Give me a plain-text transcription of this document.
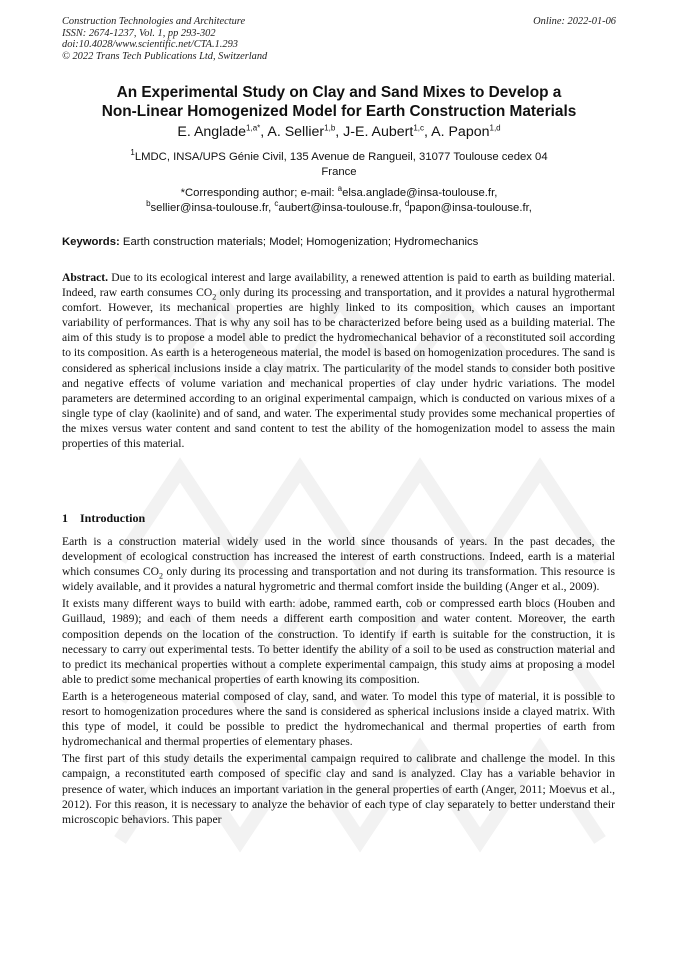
Construction Technologies and Architecture
ISSN: 2674-1237, Vol. 1, pp 293-302
doi:10.4028/www.scientific.net/CTA.1.293
© 2022 Trans Tech Publications Ltd, Switzerland
Online: 2022-01-06
An Experimental Study on Clay and Sand Mixes to Develop a
Non-Linear Homogenized Model for Earth Construction Materials
E. Anglade$^{1,a*}$, A. Sellier$^{1,b}$, J-E. Aubert$^{1,c}$, A. Papon$^{1,d}$
$^1$LMDC, INSA/UPS Génie Civil, 135 Avenue de Rangueil, 31077 Toulouse cedex 04
France
*Corresponding author; e-mail: $^a$elsa.anglade@insa-toulouse.fr,
$^b$sellier@insa-toulouse.fr, $^c$aubert@insa-toulouse.fr, $^d$papon@insa-toulouse.fr,
Keywords: Earth construction materials; Model; Homogenization; Hydromechanics

Abstract. Due to its ecological interest and large availability, a renewed attention is paid to earth as building material. Indeed, raw earth consumes $CO_2$ only during its processing and transportation, and it provides a natural hygrothermal comfort. However, its mechanical properties are highly linked to its composition, which causes an important variability of performances. That is why any soil has to be characterized before being used as a building material. The aim of this study is to propose a model able to predict the hydromechanical behavior of a reconstituted soil according to its composition. As earth is a heterogeneous material, the model is based on homogenization procedures. The sand is considered as spherical inclusions inside a clay matrix. The particularity of the model stands to consider both positive and negative effects of volume variation and mechanical properties of clay under hydric variations. The model parameters are determined according to an original experimental campaign, which is conducted on various mixes of a single type of clay (kaolinite) and of sand, and water. The experimental study provides some mechanical properties of the mixes versus water content and sand content to test the ability of the homogenization model to assess the main properties of this material.

1 Introduction

Earth is a construction material widely used in the world since thousands of years. In the past decades, the development of ecological construction has increased the interest of earth constructions. Indeed, earth is a material which consumes $CO_2$ only during its processing and transportation and not during its transformation. This resource is widely available, and it provides a natural hygrometric and thermal comfort inside the building (Anger et al., 2009).

It exists many different ways to build with earth: adobe, rammed earth, cob or compressed earth blocs (Houben and Guillaud, 1989); and each of them needs a different earth composition and water content. Moreover, the earth composition depends on the location of the construction. To identify if earth is suitable for the construction, it is necessary to carry out experimental tests. To better identify the ability of a soil to be used as construction material and to predict its mechanical properties without a complete experimental campaign, this study aims at proposing a model able to predict some mechanical properties of earth knowing its composition.

Earth is a heterogeneous material composed of clay, sand, and water. To model this type of material, it is possible to resort to homogenization procedures where the sand is considered as spherical inclusions inside a clayed matrix. With this type of model, it could be possible to predict the hydromechanical and thermal properties of earth from hydromechanical and thermal properties of elementary phases.

The first part of this study details the experimental campaign required to calibrate and challenge the model. In this campaign, a reconstituted earth composed of specific clay and sand is analyzed. Clay has a variable behavior in presence of water, which induces an important variation in the general properties of earth (Anger, 2011; Moevus et al., 2012). For this reason, it is necessary to analyze the behavior of each type of clay separately to better understand their microscopic behaviors. This paper
